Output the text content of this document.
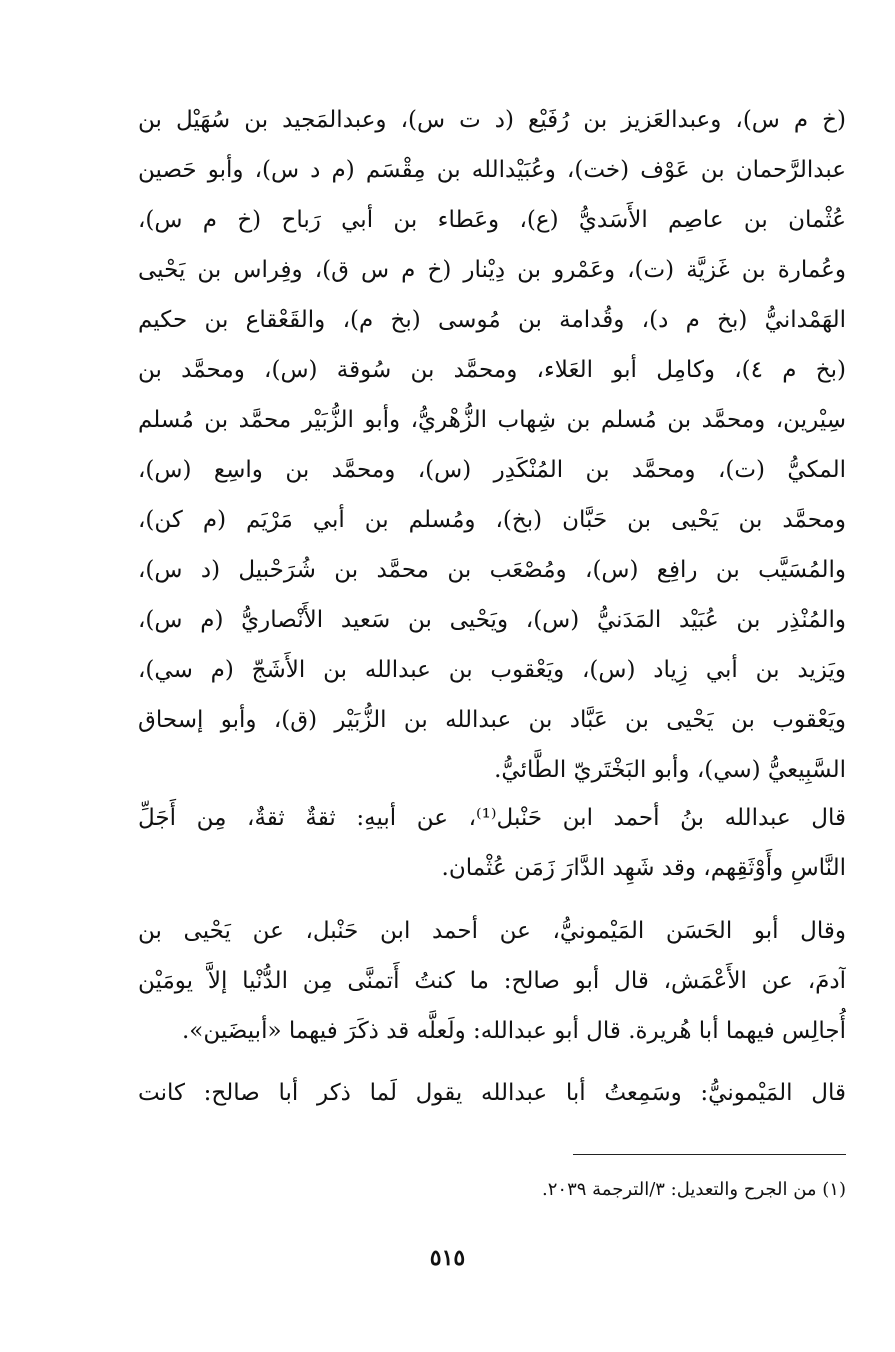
(خ م س)، وعبدالعَزيز بن رُفَيْع (د ت س)، وعبدالمَجيد بن سُهَيْل بن
عبدالرَّحمان بن عَوْف (خت)، وعُبَيْدالله بن مِقْسَم (م د س)، وأبو حَصين
عُثْمان بن عاصِم الأَسَديُّ (ع)، وعَطاء بن أبي رَباح (خ م س)،
وعُمارة بن غَزيَّة (ت)، وعَمْرو بن دِيْنار (خ م س ق)، وفِراس بن يَحْيى
الهَمْدانيُّ (بخ م د)، وقُدامة بن مُوسى (بخ م)، والقَعْقاع بن حكيم
(بخ م ٤)، وكامِل أبو العَلاء، ومحمَّد بن سُوقة (س)، ومحمَّد بن
سِيْرين، ومحمَّد بن مُسلم بن شِهاب الزُّهْريُّ، وأبو الزُّبَيْر محمَّد بن مُسلم
المكيُّ (ت)، ومحمَّد بن المُنْكَدِر (س)، ومحمَّد بن واسِع (س)،
ومحمَّد بن يَحْيى بن حَبَّان (بخ)، ومُسلم بن أبي مَرْيَم (م كن)،
والمُسَيَّب بن رافِع (س)، ومُصْعَب بن محمَّد بن شُرَحْبيل (د س)،
والمُنْذِر بن عُبَيْد المَدَنيُّ (س)، ويَحْيى بن سَعيد الأَنْصاريُّ (م س)،
ويَزيد بن أبي زِياد (س)، ويَعْقوب بن عبدالله بن الأَشَجّ (م سي)،
ويَعْقوب بن يَحْيى بن عَبَّاد بن عبدالله بن الزُّبَيْر (ق)، وأبو إسحاق
السَّبِيعيُّ (سي)، وأبو البَخْتَريّ الطَّائيُّ.
قال عبدالله بنُ أحمد ابن حَنْبل⁽¹⁾، عن أبيهِ: ثقةٌ ثقةٌ، مِن أَجَلِّ
النَّاسِ وأَوْثَقِهم، وقد شَهِد الدَّارَ زَمَن عُثْمان.
وقال أبو الحَسَن المَيْمونيُّ، عن أحمد ابن حَنْبل، عن يَحْيى بن
آدمَ، عن الأَعْمَش، قال أبو صالح: ما كنتُ أَتمنَّى مِن الدُّنْيا إلاَّ يومَيْن
أُجالِس فيهما أبا هُريرة. قال أبو عبدالله: ولَعلَّه قد ذكَرَ فيهما «أبيضَين».
قال المَيْمونيُّ: وسَمِعتُ أبا عبدالله يقول لَما ذكر أبا صالح: كانت
(١) من الجرح والتعديل: ٣/الترجمة ٢٠٣٩.
٥١٥
